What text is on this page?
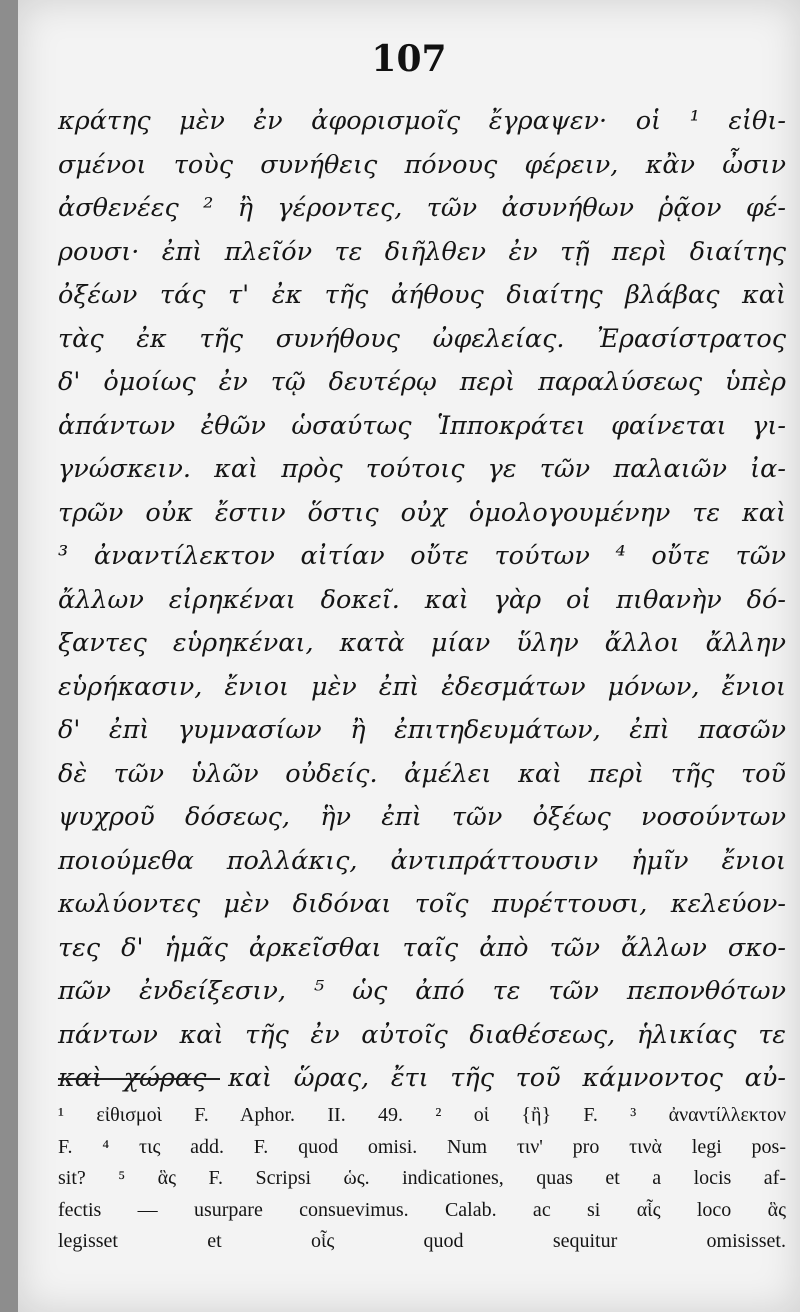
107
κράτης μὲν ἐν ἀφορισμοῖς ἔγραψεν· οἱ ¹ εἰθι-
σμένοι τοὺς συνήθεις πόνους φέρειν, κἂν ὦσιν
ἀσθενέες ² ἢ γέροντες, τῶν ἀσυνήθων ῥᾷον φέ-
ρουσι· ἐπὶ πλεῖόν τε διῆλθεν ἐν τῇ περὶ διαίτης
ὀξέων τάς τ' ἐκ τῆς ἀήθους διαίτης βλάβας καὶ
τὰς ἐκ τῆς συνήθους ὠφελείας. Ἐρασίστρατος
δ' ὁμοίως ἐν τῷ δευτέρῳ περὶ παραλύσεως ὑπὲρ
ἁπάντων ἐθῶν ὡσαύτως Ἱπποκράτει φαίνεται γι-
γνώσκειν. καὶ πρὸς τούτοις γε τῶν παλαιῶν ἰα-
τρῶν οὐκ ἔστιν ὅστις οὐχ ὁμολογουμένην τε καὶ
³ ἀναντίλεκτον αἰτίαν οὔτε τούτων ⁴ οὔτε τῶν
ἄλλων εἰρηκέναι δοκεῖ. καὶ γὰρ οἱ πιθανὴν δό-
ξαντες εὑρηκέναι, κατὰ μίαν ὕλην ἄλλοι ἄλλην
εὑρήκασιν, ἔνιοι μὲν ἐπὶ ἐδεσμάτων μόνων, ἔνιοι
δ' ἐπὶ γυμνασίων ἢ ἐπιτηδευμάτων, ἐπὶ πασῶν
δὲ τῶν ὑλῶν οὐδείς. ἀμέλει καὶ περὶ τῆς τοῦ
ψυχροῦ δόσεως, ἣν ἐπὶ τῶν ὀξέως νοσούντων
ποιούμεθα πολλάκις, ἀντιπράττουσιν ἡμῖν ἔνιοι
κωλύοντες μὲν διδόναι τοῖς πυρέττουσι, κελεύον-
τες δ' ἡμᾶς ἀρκεῖσθαι ταῖς ἀπὸ τῶν ἄλλων σκο-
πῶν ἐνδείξεσιν, ⁵ ὡς ἀπό τε τῶν πεπονθότων
πάντων καὶ τῆς ἐν αὐτοῖς διαθέσεως, ἡλικίας τε
καὶ χώρας καὶ ὥρας, ἔτι τῆς τοῦ κάμνοντος αὐ-
¹ εἰθισμοὶ F. Aphor. II. 49. ² οἱ {ἢ} F. ³ ἀναντίλλεκτον
F. ⁴ τις add. F. quod omisi. Num τιν' pro τινὰ legi pos-
sit? ⁵ ἃς F. Scripsi ὡς. indicationes, quas et a locis af-
fectis — usurpare consuevimus. Calab. ac si αἷς loco ἃς
legisset et οἷς quod sequitur omisisset.
